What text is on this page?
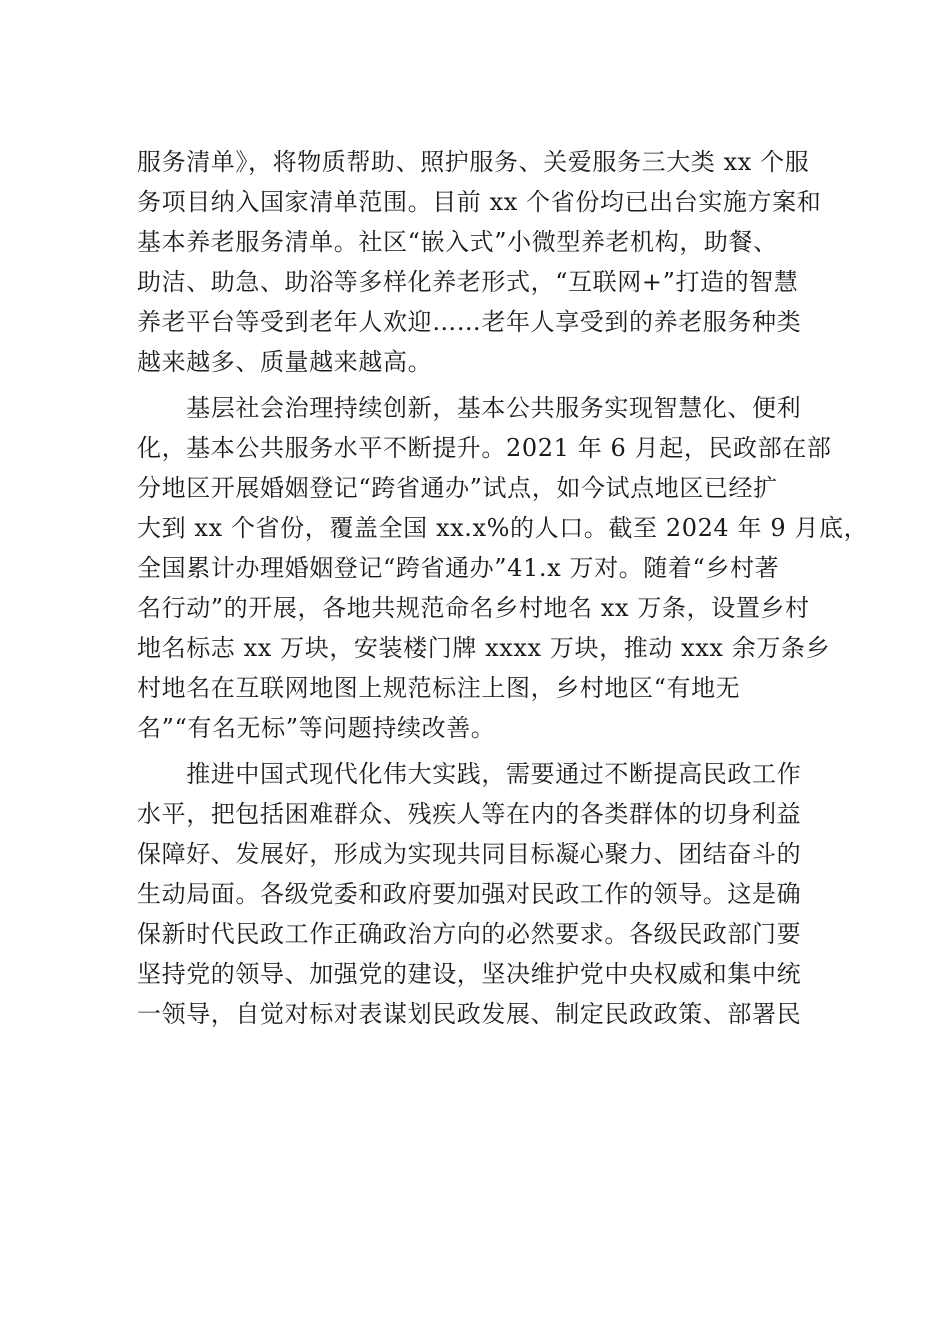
服务清单》，将物质帮助、照护服务、关爱服务三大类 xx 个服
务项目纳入国家清单范围。目前 xx 个省份均已出台实施方案和
基本养老服务清单。社区“嵌入式”小微型养老机构，助餐、
助洁、助急、助浴等多样化养老形式，“互联网+”打造的智慧
养老平台等受到老年人欢迎……老年人享受到的养老服务种类
越来越多、质量越来越高。
　　基层社会治理持续创新，基本公共服务实现智慧化、便利
化，基本公共服务水平不断提升。2021 年 6 月起，民政部在部
分地区开展婚姻登记“跨省通办”试点，如今试点地区已经扩
大到 xx 个省份，覆盖全国 xx.x%的人口。截至 2024 年 9 月底，
全国累计办理婚姻登记“跨省通办”41.x 万对。随着“乡村著
名行动”的开展，各地共规范命名乡村地名 xx 万条，设置乡村
地名标志 xx 万块，安装楼门牌 xxxx 万块，推动 xxx 余万条乡
村地名在互联网地图上规范标注上图，乡村地区“有地无
名”“有名无标”等问题持续改善。
　　推进中国式现代化伟大实践，需要通过不断提高民政工作
水平，把包括困难群众、残疾人等在内的各类群体的切身利益
保障好、发展好，形成为实现共同目标凝心聚力、团结奋斗的
生动局面。各级党委和政府要加强对民政工作的领导。这是确
保新时代民政工作正确政治方向的必然要求。各级民政部门要
坚持党的领导、加强党的建设，坚决维护党中央权威和集中统
一领导，自觉对标对表谋划民政发展、制定民政政策、部署民
